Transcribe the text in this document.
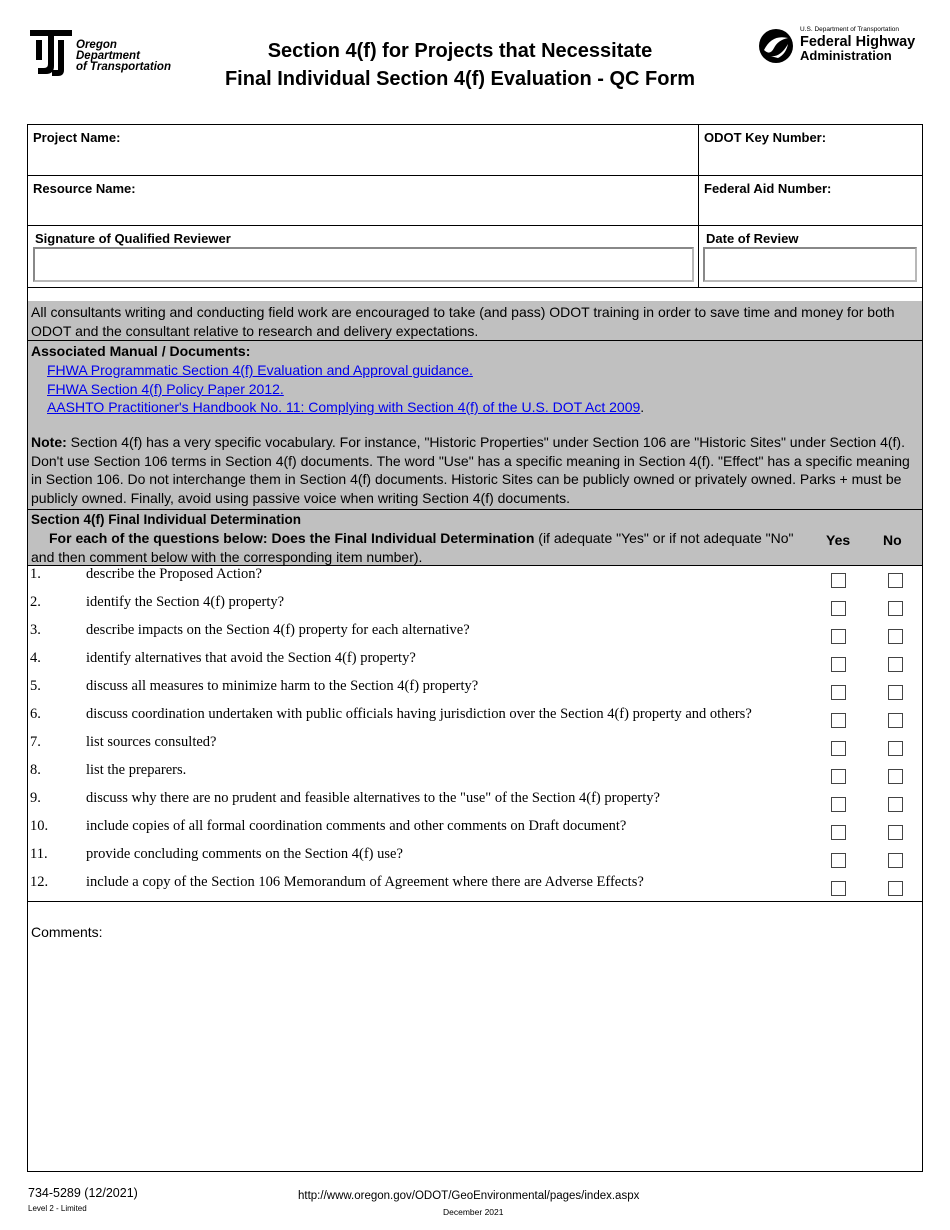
Oregon
Department
of Transportation
Section 4(f) for Projects that Necessitate
Final Individual Section 4(f) Evaluation - QC Form
U.S. Department of Transportation
Federal Highway
Administration
Project Name:	ODOT Key Number:
Resource Name:	Federal Aid Number:
Signature of Qualified Reviewer	Date of Review

All consultants writing and conducting field work are encouraged to take (and pass) ODOT training in order to save time and money for both ODOT and the consultant relative to research and delivery expectations.

Associated Manual / Documents:
FHWA Programmatic Section 4(f) Evaluation and Approval guidance.
FHWA Section 4(f) Policy Paper 2012.
AASHTO Practitioner's Handbook No. 11: Complying with Section 4(f) of the U.S. DOT Act 2009.
Note: Section 4(f) has a very specific vocabulary. For instance, "Historic Properties" under Section 106 are "Historic Sites" under Section 4(f). Don't use Section 106 terms in Section 4(f) documents. The word "Use" has a specific meaning in Section 4(f). "Effect" has a specific meaning in Section 106. Do not interchange them in Section 4(f) documents. Historic Sites can be publicly owned or privately owned. Parks + must be publicly owned. Finally, avoid using passive voice when writing Section 4(f) documents.
Section 4(f) Final Individual Determination
For each of the questions below: Does the Final Individual Determination (if adequate "Yes" or if not adequate "No"
and then comment below with the corresponding item number).
Yes No
1.	describe the Proposed Action?
2.	identify the Section 4(f) property?
3.	describe impacts on the Section 4(f) property for each alternative?
4.	identify alternatives that avoid the Section 4(f) property?
5.	discuss all measures to minimize harm to the Section 4(f) property?
6.	discuss coordination undertaken with public officials having jurisdiction over the Section 4(f) property and others?
7.	list sources consulted?
8.	list the preparers.
9.	discuss why there are no prudent and feasible alternatives to the "use" of the Section 4(f) property?
10.	include copies of all formal coordination comments and other comments on Draft document?
11.	provide concluding comments on the Section 4(f) use?
12.	include a copy of the Section 106 Memorandum of Agreement where there are Adverse Effects?
Comments:
734-5289 (12/2021)
Level 2 - Limited
http://www.oregon.gov/ODOT/GeoEnvironmental/pages/index.aspx
December 2021
